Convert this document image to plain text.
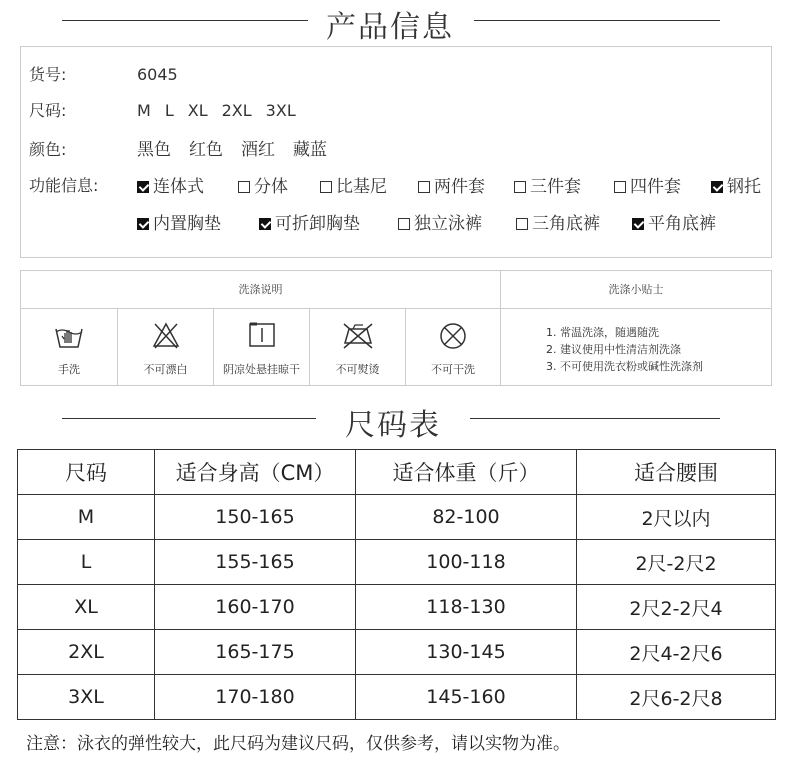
产品信息
货号:	6045
尺码:	M L XL 2XL 3XL
颜色:	黑色 红色 酒红 藏蓝
功能信息:	连体式	分体	比基尼	两件套	三件套	四件套	钢托
内置胸垫	可折卸胸垫	独立泳裤	三角底裤	平角底裤
洗涤说明	洗涤小贴士
手洗	不可漂白	阴凉处悬挂晾干	不可熨烫	不可干洗
1. 常温洗涤，随遇随洗
2. 建议使用中性清洁剂洗涤
3. 不可使用洗衣粉或碱性洗涤剂
尺码表
尺码	适合身高（CM）	适合体重（斤）	适合腰围
M	150-165	82-100	2尺以内
L	155-165	100-118	2尺-2尺2
XL	160-170	118-130	2尺2-2尺4
2XL	165-175	130-145	2尺4-2尺6
3XL	170-180	145-160	2尺6-2尺8
注意：泳衣的弹性较大，此尺码为建议尺码，仅供参考，请以实物为准。
